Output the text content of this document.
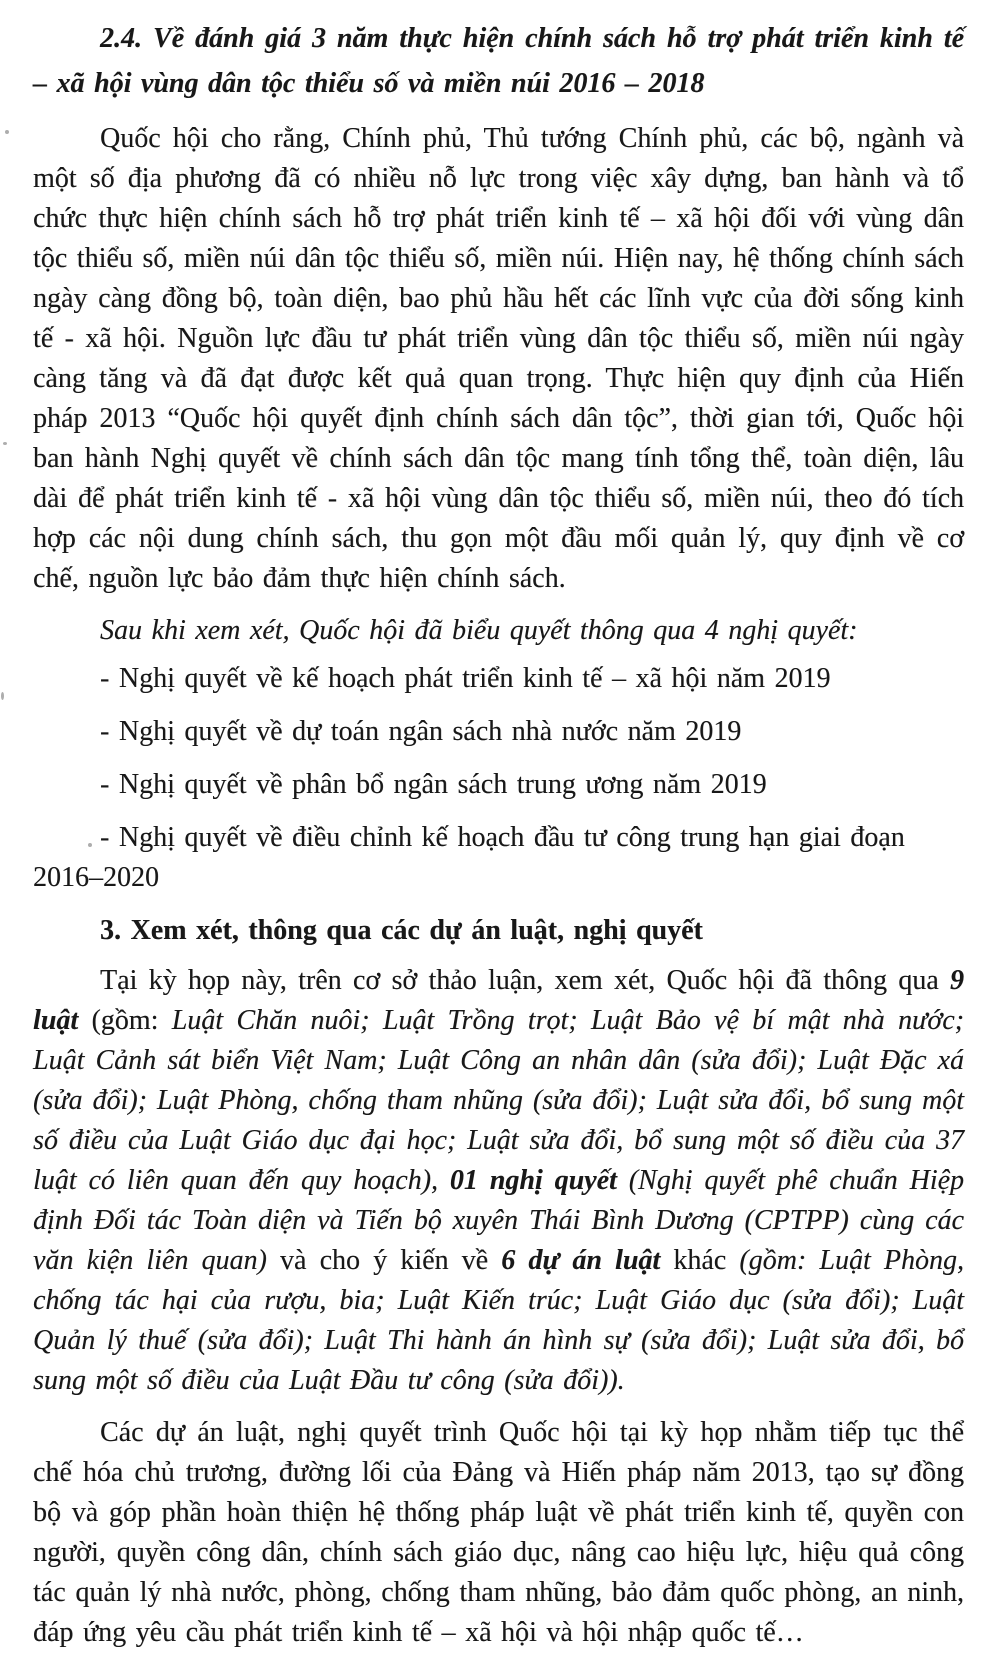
2.4. Về đánh giá 3 năm thực hiện chính sách hỗ trợ phát triển kinh tế – xã hội vùng dân tộc thiểu số và miền núi 2016 – 2018

Quốc hội cho rằng, Chính phủ, Thủ tướng Chính phủ, các bộ, ngành và một số địa phương đã có nhiều nỗ lực trong việc xây dựng, ban hành và tổ chức thực hiện chính sách hỗ trợ phát triển kinh tế – xã hội đối với vùng dân tộc thiểu số, miền núi dân tộc thiểu số, miền núi. Hiện nay, hệ thống chính sách ngày càng đồng bộ, toàn diện, bao phủ hầu hết các lĩnh vực của đời sống kinh tế - xã hội. Nguồn lực đầu tư phát triển vùng dân tộc thiểu số, miền núi ngày càng tăng và đã đạt được kết quả quan trọng. Thực hiện quy định của Hiến pháp 2013 “Quốc hội quyết định chính sách dân tộc”, thời gian tới, Quốc hội ban hành Nghị quyết về chính sách dân tộc mang tính tổng thể, toàn diện, lâu dài để phát triển kinh tế - xã hội vùng dân tộc thiểu số, miền núi, theo đó tích hợp các nội dung chính sách, thu gọn một đầu mối quản lý, quy định về cơ chế, nguồn lực bảo đảm thực hiện chính sách.

Sau khi xem xét, Quốc hội đã biểu quyết thông qua 4 nghị quyết:

- Nghị quyết về kế hoạch phát triển kinh tế – xã hội năm 2019

- Nghị quyết về dự toán ngân sách nhà nước năm 2019

- Nghị quyết về phân bổ ngân sách trung ương năm 2019

- Nghị quyết về điều chỉnh kế hoạch đầu tư công trung hạn giai đoạn 2016–2020

3. Xem xét, thông qua các dự án luật, nghị quyết

Tại kỳ họp này, trên cơ sở thảo luận, xem xét, Quốc hội đã thông qua 9 luật (gồm: Luật Chăn nuôi; Luật Trồng trọt; Luật Bảo vệ bí mật nhà nước; Luật Cảnh sát biển Việt Nam; Luật Công an nhân dân (sửa đổi); Luật Đặc xá (sửa đổi); Luật Phòng, chống tham nhũng (sửa đổi); Luật sửa đổi, bổ sung một số điều của Luật Giáo dục đại học; Luật sửa đổi, bổ sung một số điều của 37 luật có liên quan đến quy hoạch), 01 nghị quyết (Nghị quyết phê chuẩn Hiệp định Đối tác Toàn diện và Tiến bộ xuyên Thái Bình Dương (CPTPP) cùng các văn kiện liên quan) và cho ý kiến về 6 dự án luật khác (gồm: Luật Phòng, chống tác hại của rượu, bia; Luật Kiến trúc; Luật Giáo dục (sửa đổi); Luật Quản lý thuế (sửa đổi); Luật Thi hành án hình sự (sửa đổi); Luật sửa đổi, bổ sung một số điều của Luật Đầu tư công (sửa đổi)).

Các dự án luật, nghị quyết trình Quốc hội tại kỳ họp nhằm tiếp tục thể chế hóa chủ trương, đường lối của Đảng và Hiến pháp năm 2013, tạo sự đồng bộ và góp phần hoàn thiện hệ thống pháp luật về phát triển kinh tế, quyền con người, quyền công dân, chính sách giáo dục, nâng cao hiệu lực, hiệu quả công tác quản lý nhà nước, phòng, chống tham nhũng, bảo đảm quốc phòng, an ninh, đáp ứng yêu cầu phát triển kinh tế – xã hội và hội nhập quốc tế…
